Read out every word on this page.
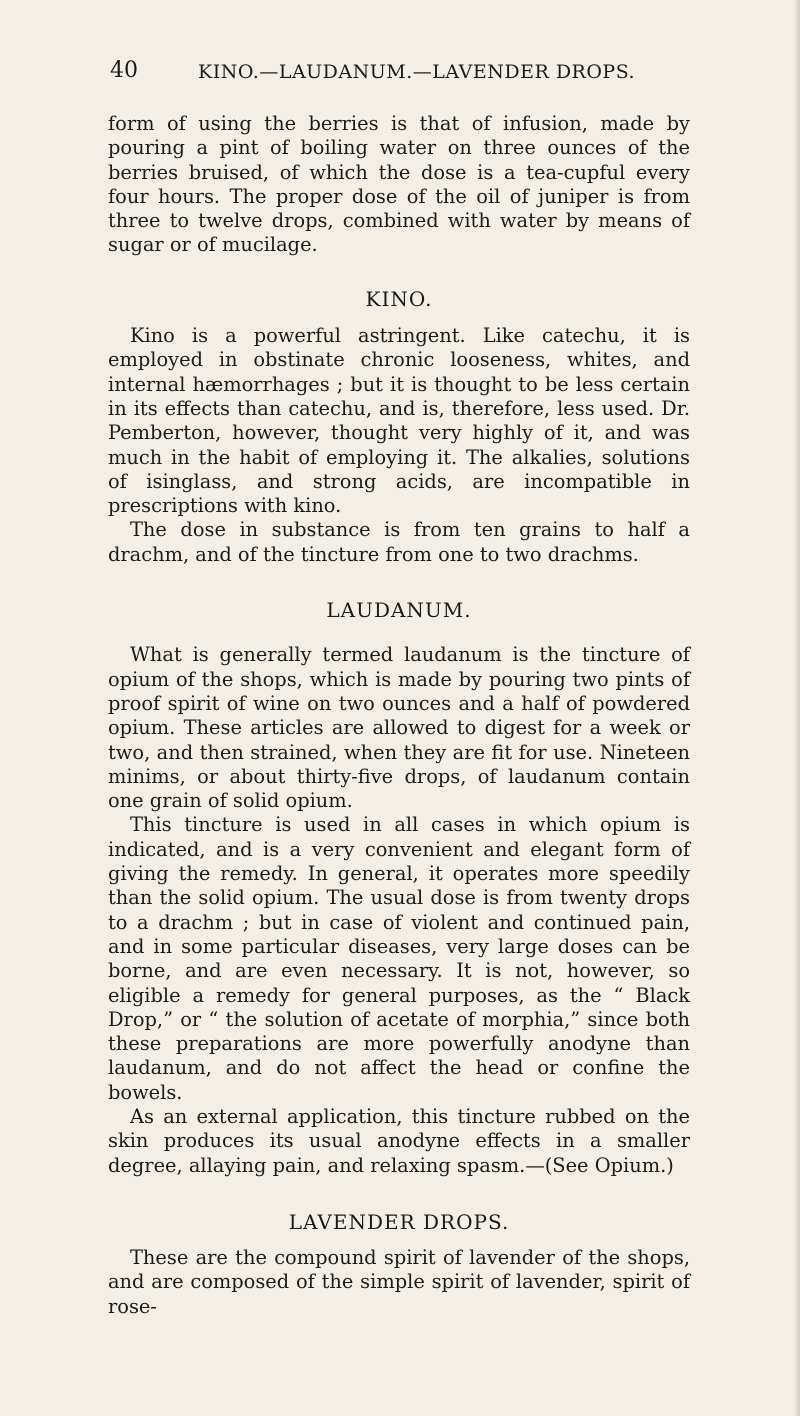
40	KINO.—LAUDANUM.—LAVENDER DROPS.

form of using the berries is that of infusion, made by pouring a pint of boiling water on three ounces of the berries bruised, of which the dose is a tea-cupful every four hours. The proper dose of the oil of juniper is from three to twelve drops, combined with water by means of sugar or of mucilage.

KINO.

Kino is a powerful astringent. Like catechu, it is employed in obstinate chronic looseness, whites, and internal hæmorrhages ; but it is thought to be less certain in its effects than catechu, and is, therefore, less used. Dr. Pemberton, however, thought very highly of it, and was much in the habit of employing it. The alkalies, solutions of isinglass, and strong acids, are incompatible in prescriptions with kino.

The dose in substance is from ten grains to half a drachm, and of the tincture from one to two drachms.

LAUDANUM.

What is generally termed laudanum is the tincture of opium of the shops, which is made by pouring two pints of proof spirit of wine on two ounces and a half of powdered opium. These articles are allowed to digest for a week or two, and then strained, when they are fit for use. Nineteen minims, or about thirty-five drops, of laudanum contain one grain of solid opium.

This tincture is used in all cases in which opium is indicated, and is a very convenient and elegant form of giving the remedy. In general, it operates more speedily than the solid opium. The usual dose is from twenty drops to a drachm ; but in case of violent and continued pain, and in some particular diseases, very large doses can be borne, and are even necessary. It is not, however, so eligible a remedy for general purposes, as the “ Black Drop,” or “ the solution of acetate of morphia,” since both these preparations are more powerfully anodyne than laudanum, and do not affect the head or confine the bowels.

As an external application, this tincture rubbed on the skin produces its usual anodyne effects in a smaller degree, allaying pain, and relaxing spasm.—(See Opium.)

LAVENDER DROPS.

These are the compound spirit of lavender of the shops, and are composed of the simple spirit of lavender, spirit of rose-
